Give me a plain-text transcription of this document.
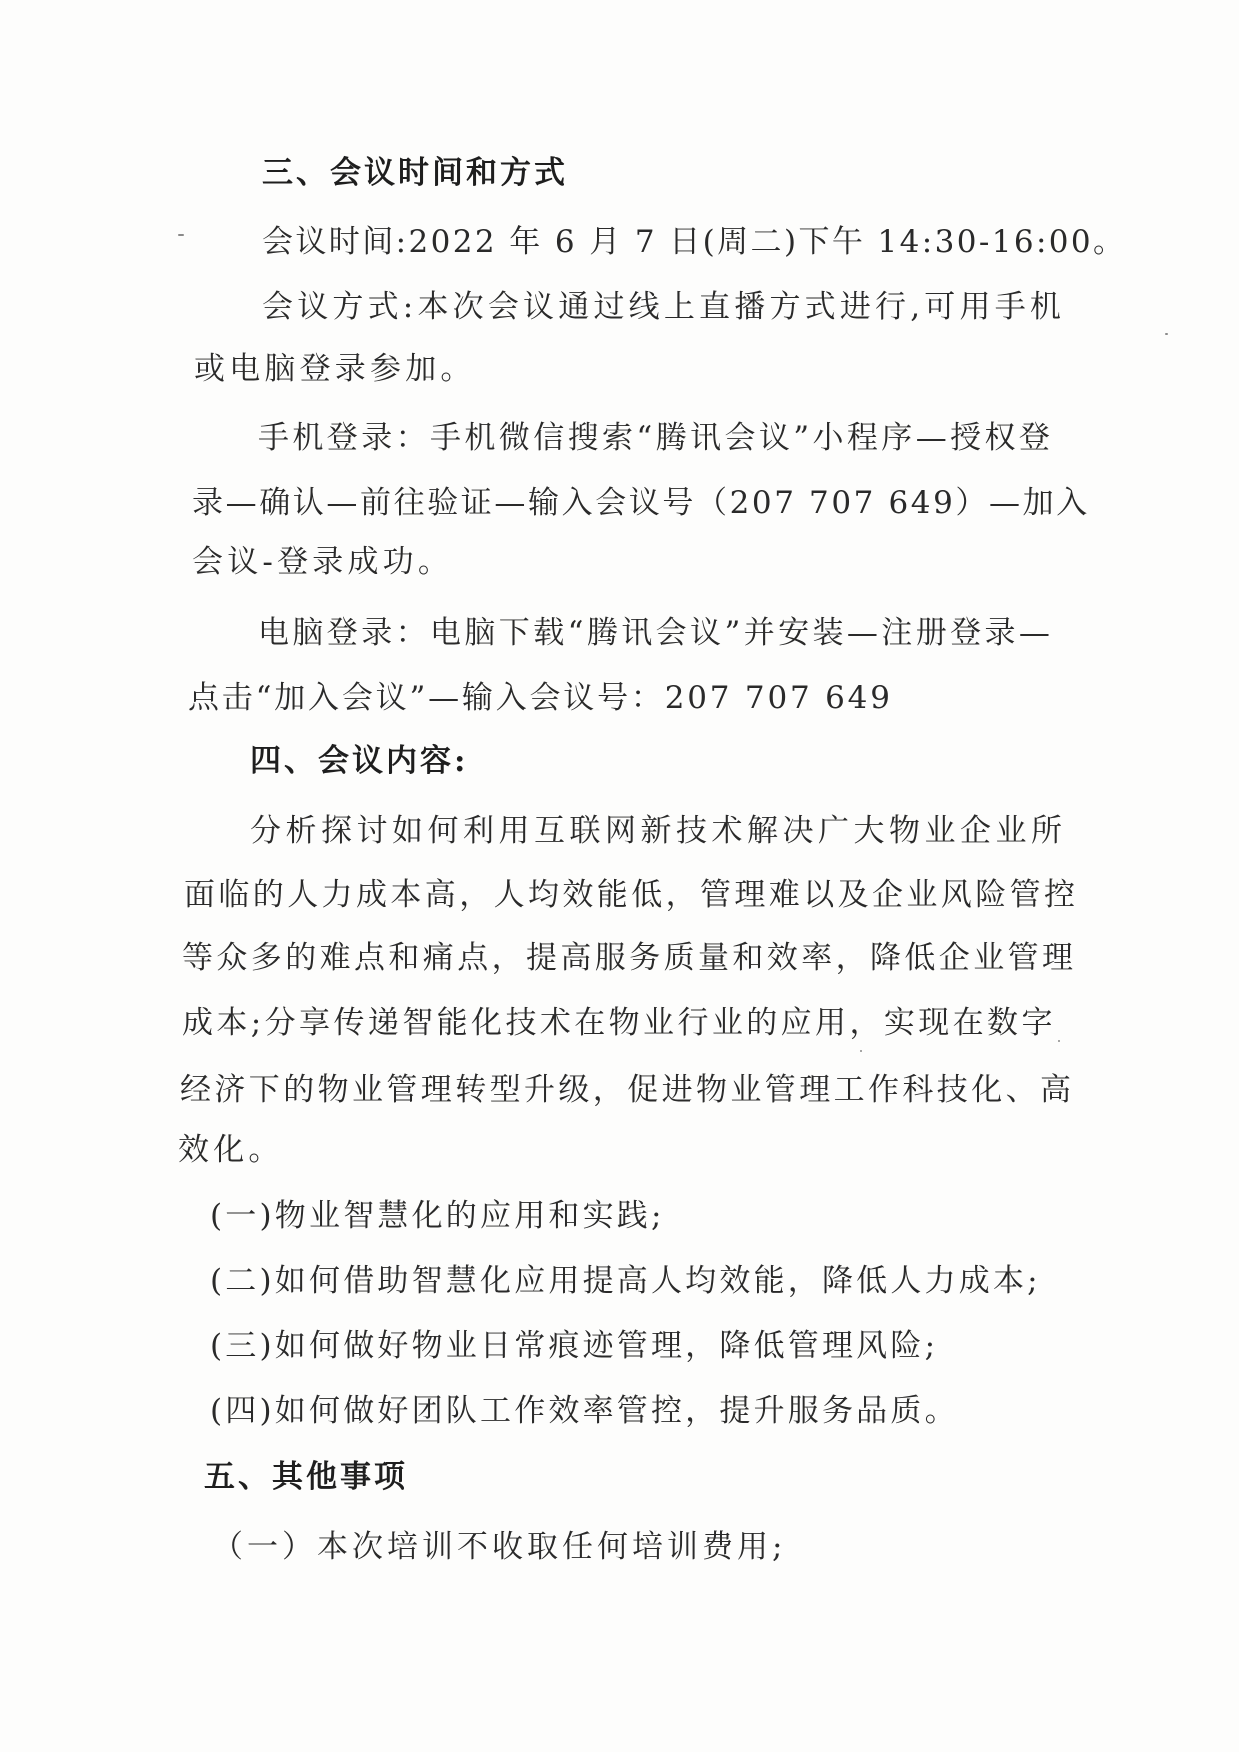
三、会议时间和方式
会议时间:2022 年 6 月 7 日(周二)下午 14:30-16:00。
会议方式:本次会议通过线上直播方式进行,可用手机
或电脑登录参加。
手机登录：手机微信搜索“腾讯会议”小程序—授权登
录—确认—前往验证—输入会议号（207 707 649）—加入
会议-登录成功。
电脑登录：电脑下载“腾讯会议”并安装—注册登录—
点击“加入会议”—输入会议号：207 707 649
四、会议内容:
分析探讨如何利用互联网新技术解决广大物业企业所
面临的人力成本高，人均效能低，管理难以及企业风险管控
等众多的难点和痛点，提高服务质量和效率，降低企业管理
成本;分享传递智能化技术在物业行业的应用，实现在数字
经济下的物业管理转型升级，促进物业管理工作科技化、高
效化。
(一)物业智慧化的应用和实践;
(二)如何借助智慧化应用提高人均效能，降低人力成本;
(三)如何做好物业日常痕迹管理，降低管理风险;
(四)如何做好团队工作效率管控，提升服务品质。
五、其他事项
（一）本次培训不收取任何培训费用;
